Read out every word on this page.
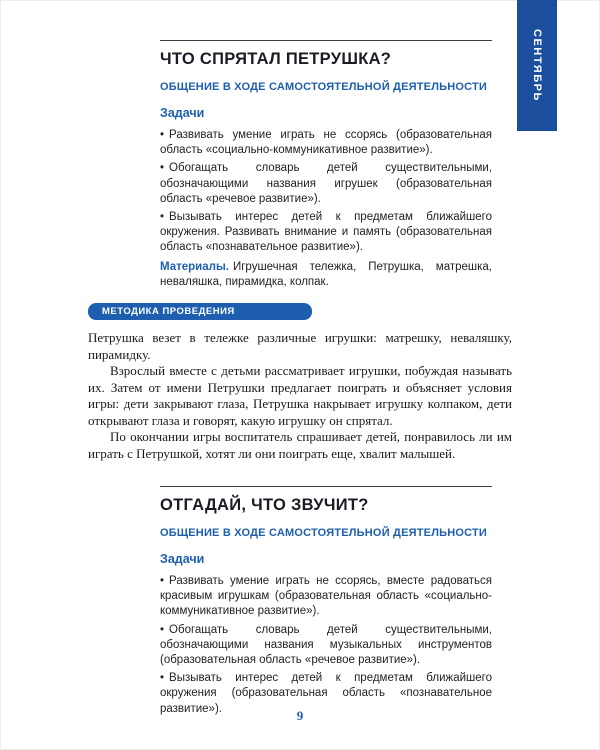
СЕНТЯБРЬ
ЧТО СПРЯТАЛ ПЕТРУШКА?
ОБЩЕНИЕ В ХОДЕ САМОСТОЯТЕЛЬНОЙ ДЕЯТЕЛЬНОСТИ
Задачи

• Развивать умение играть не ссорясь (образовательная область «социально-коммуникативное развитие»).

• Обогащать словарь детей существительными, обозначающими названия игрушек (образовательная область «речевое развитие»).

• Вызывать интерес детей к предметам ближайшего окружения. Развивать внимание и память (образовательная область «познавательное развитие»).

Материалы. Игрушечная тележка, Петрушка, матрешка, неваляшка, пирамидка, колпак.

МЕТОДИКА ПРОВЕДЕНИЯ

Петрушка везет в тележке различные игрушки: матрешку, неваляшку, пирамидку.

Взрослый вместе с детьми рассматривает игрушки, побуждая называть их. Затем от имени Петрушки предлагает поиграть и объясняет условия игры: дети закрывают глаза, Петрушка накрывает игрушку колпаком, дети открывают глаза и говорят, какую игрушку он спрятал.

По окончании игры воспитатель спрашивает детей, понравилось ли им играть с Петрушкой, хотят ли они поиграть еще, хвалит малышей.

ОТГАДАЙ, ЧТО ЗВУЧИТ?
ОБЩЕНИЕ В ХОДЕ САМОСТОЯТЕЛЬНОЙ ДЕЯТЕЛЬНОСТИ
Задачи

• Развивать умение играть не ссорясь, вместе радоваться красивым игрушкам (образовательная область «социально-коммуникативное развитие»).

• Обогащать словарь детей существительными, обозначающими названия музыкальных инструментов (образовательная область «речевое развитие»).

• Вызывать интерес детей к предметам ближайшего окружения (образовательная область «познавательное развитие»).	9
